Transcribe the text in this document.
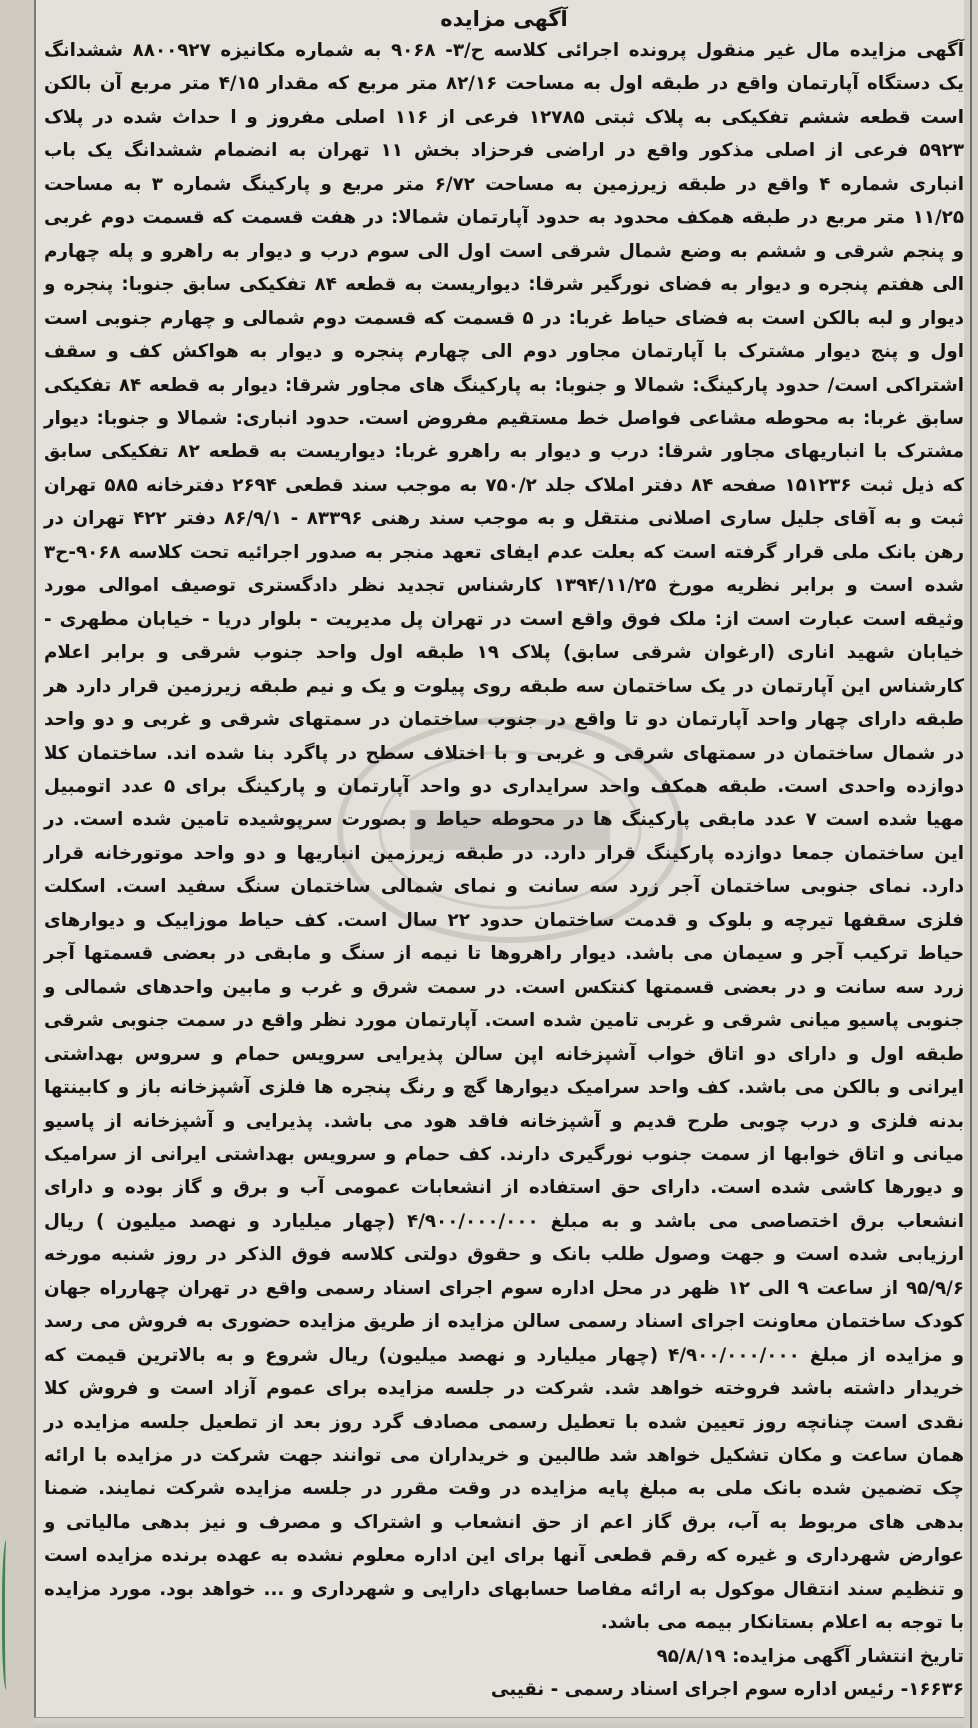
آگهی مزایده

آگهی مزایده مال غیر منقول پرونده اجرائی کلاسه ح/۳- ۹۰۶۸ به شماره مکانیزه ۸۸۰۰۹۲۷ ششدانگ یک دستگاه آپارتمان واقع در طبقه اول به مساحت ۸۲/۱۶ متر مربع که مقدار ۴/۱۵ متر مربع آن بالکن است قطعه ششم تفکیکی به پلاک ثبتی ۱۲۷۸۵ فرعی از ۱۱۶ اصلی مفروز و ا حداث شده در پلاک ۵۹۲۳ فرعی از اصلی مذکور واقع در اراضی فرحزاد بخش ۱۱ تهران به انضمام ششدانگ یک باب انباری شماره ۴ واقع در طبقه زیرزمین به مساحت ۶/۷۲ متر مربع و پارکینگ شماره ۳ به مساحت ۱۱/۲۵ متر مربع در طبقه همکف محدود به حدود آپارتمان شمالا: در هفت قسمت که قسمت دوم غربی و پنجم شرقی و ششم به وضع شمال شرقی است اول الی سوم درب و دیوار به راهرو و پله چهارم الی هفتم پنجره و دیوار به فضای نورگیر شرقا: دیواریست به قطعه ۸۴ تفکیکی سابق جنوبا: پنجره و دیوار و لبه بالکن است به فضای حیاط غربا: در ۵ قسمت که قسمت دوم شمالی و چهارم جنوبی است اول و پنج دیوار مشترک با آپارتمان مجاور دوم الی چهارم پنجره و دیوار به هواکش کف و سقف اشتراکی است/ حدود پارکینگ: شمالا و جنوبا: به پارکینگ های مجاور شرقا: دیوار به قطعه ۸۴ تفکیکی سابق غربا: به محوطه مشاعی فواصل خط مستقیم مفروض است. حدود انباری: شمالا و جنوبا: دیوار مشترک با انباریهای مجاور شرقا: درب و دیوار به راهرو غربا: دیواریست به قطعه ۸۲ تفکیکی سابق که ذیل ثبت ۱۵۱۲۳۶ صفحه ۸۴ دفتر املاک جلد ۷۵۰/۲ به موجب سند قطعی ۲۶۹۴ دفترخانه ۵۸۵ تهران ثبت و به آقای جلیل ساری اصلانی منتقل و به موجب سند رهنی ۸۳۳۹۶ - ۸۶/۹/۱ دفتر ۴۲۲ تهران در رهن بانک ملی قرار گرفته است که بعلت عدم ایفای تعهد منجر به صدور اجرائیه تحت کلاسه ۹۰۶۸-ح۳ شده است و برابر نظریه مورخ ۱۳۹۴/۱۱/۲۵ کارشناس تجدید نظر دادگستری توصیف اموالی مورد وثیقه است عبارت است از: ملک فوق واقع است در تهران پل مدیریت - بلوار دریا - خیابان مطهری - خیابان شهید اناری (ارغوان شرقی سابق) پلاک ۱۹ طبقه اول واحد جنوب شرقی و برابر اعلام کارشناس این آپارتمان در یک ساختمان سه طبقه روی پیلوت و یک و نیم طبقه زیرزمین قرار دارد هر طبقه دارای چهار واحد آپارتمان دو تا واقع در جنوب ساختمان در سمتهای شرقی و غربی و دو واحد در شمال ساختمان در سمتهای شرقی و غربی و با اختلاف سطح در پاگرد بنا شده اند. ساختمان کلا دوازده واحدی است. طبقه همکف واحد سرایداری دو واحد آپارتمان و پارکینگ برای ۵ عدد اتومبیل مهیا شده است ۷ عدد مابقی پارکینگ ها در محوطه حیاط و بصورت سرپوشیده تامین شده است. در این ساختمان جمعا دوازده پارکینگ قرار دارد. در طبقه زیرزمین انباریها و دو واحد موتورخانه قرار دارد. نمای جنوبی ساختمان آجر زرد سه سانت و نمای شمالی ساختمان سنگ سفید است. اسکلت فلزی سقفها تیرچه و بلوک و قدمت ساختمان حدود ۲۲ سال است. کف حیاط موزاییک و دیوارهای حیاط ترکیب آجر و سیمان می باشد. دیوار راهروها تا نیمه از سنگ و مابقی در بعضی قسمتها آجر زرد سه سانت و در بعضی قسمتها کنتکس است. در سمت شرق و غرب و مابین واحدهای شمالی و جنوبی پاسیو میانی شرقی و غربی تامین شده است. آپارتمان مورد نظر واقع در سمت جنوبی شرقی طبقه اول و دارای دو اتاق خواب آشپزخانه اپن سالن پذیرایی سرویس حمام و سروس بهداشتی ایرانی و بالکن می باشد. کف واحد سرامیک دیوارها گچ و رنگ پنجره ها فلزی آشپزخانه باز و کابینتها بدنه فلزی و درب چوبی طرح قدیم و آشپزخانه فاقد هود می باشد. پذیرایی و آشپزخانه از پاسیو میانی و اتاق خوابها از سمت جنوب نورگیری دارند. کف حمام و سرویس بهداشتی ایرانی از سرامیک و دیورها کاشی شده است. دارای حق استفاده از انشعابات عمومی آب و برق و گاز بوده و دارای انشعاب برق اختصاصی می باشد و به مبلغ ۴/۹۰۰/۰۰۰/۰۰۰ (چهار میلیارد و نهصد میلیون ) ریال ارزیابی شده است و جهت وصول طلب بانک و حقوق دولتی کلاسه فوق الذکر در روز شنبه مورخه ۹۵/۹/۶ از ساعت ۹ الی ۱۲ ظهر در محل اداره سوم اجرای اسناد رسمی واقع در تهران چهارراه جهان کودک ساختمان معاونت اجرای اسناد رسمی سالن مزایده از طریق مزایده حضوری به فروش می رسد و مزایده از مبلغ ۴/۹۰۰/۰۰۰/۰۰۰ (چهار میلیارد و نهصد میلیون) ریال شروع و به بالاترین قیمت که خریدار داشته باشد فروخته خواهد شد. شرکت در جلسه مزایده برای عموم آزاد است و فروش کلا نقدی است چنانچه روز تعیین شده با تعطیل رسمی مصادف گرد روز بعد از تطعیل جلسه مزایده در همان ساعت و مکان تشکیل خواهد شد طالبین و خریداران می توانند جهت شرکت در مزایده با ارائه چک تضمین شده بانک ملی به مبلغ پایه مزایده در وقت مقرر در جلسه مزایده شرکت نمایند. ضمنا بدهی های مربوط به آب، برق گاز اعم از حق انشعاب و اشتراک و مصرف و نیز بدهی مالیاتی و عوارض شهرداری و غیره که رقم قطعی آنها برای این اداره معلوم نشده به عهده برنده مزایده است و تنظیم سند انتقال موکول به ارائه مفاصا حسابهای دارایی و شهرداری و ... خواهد بود. مورد مزایده با توجه به اعلام بستانکار بیمه می باشد.

تاریخ انتشار آگهی مزایده: ۹۵/۸/۱۹

۱۶۶۳۶- رئیس اداره سوم اجرای اسناد رسمی - نقیبی
